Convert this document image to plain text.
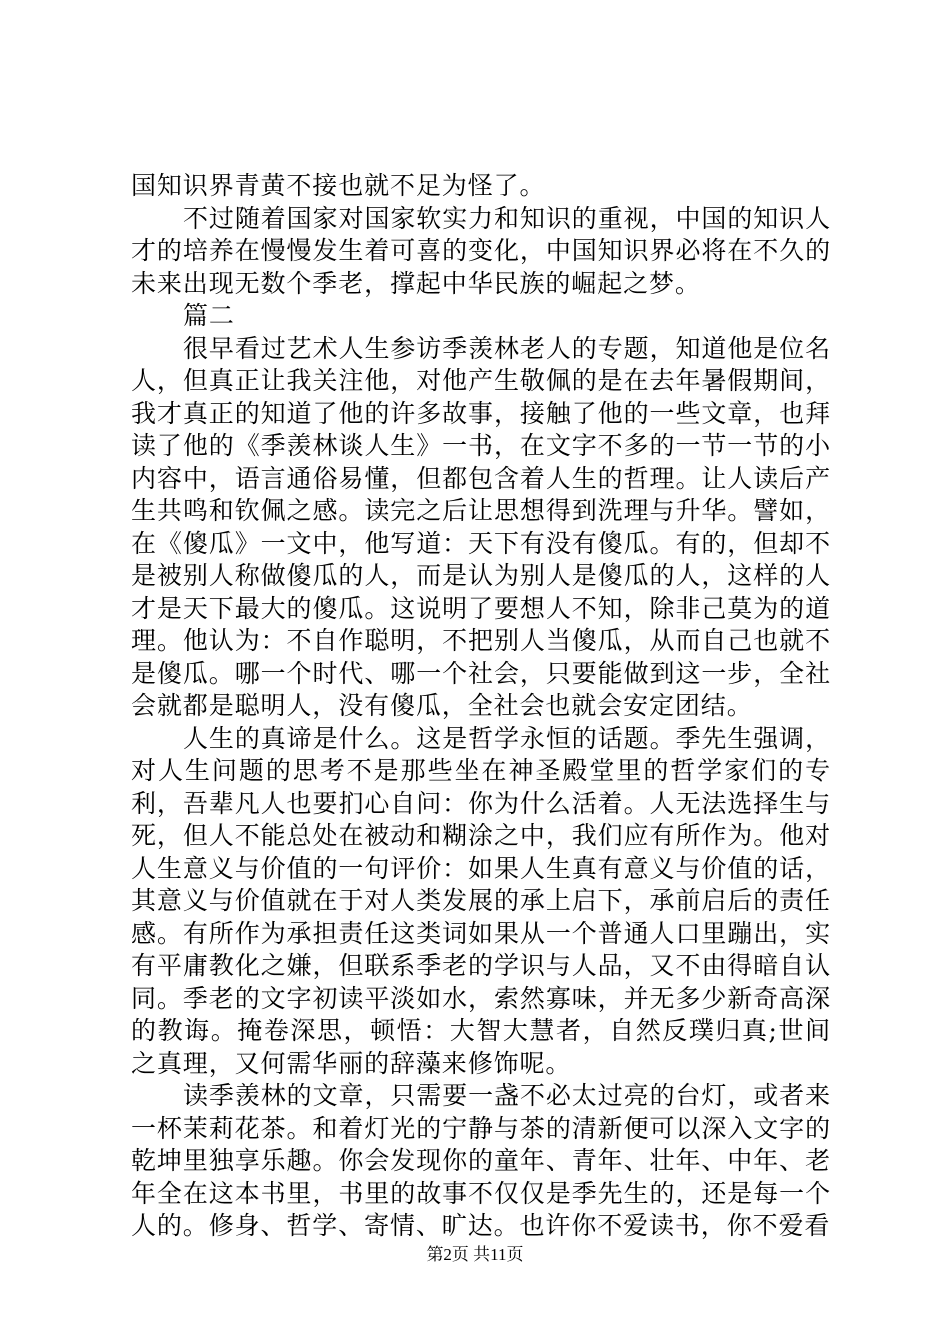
国知识界青黄不接也就不足为怪了。

不过随着国家对国家软实力和知识的重视，中国的知识人才的培养在慢慢发生着可喜的变化，中国知识界必将在不久的未来出现无数个季老，撑起中华民族的崛起之梦。

篇二

很早看过艺术人生参访季羡林老人的专题，知道他是位名人，但真正让我关注他，对他产生敬佩的是在去年暑假期间，我才真正的知道了他的许多故事，接触了他的一些文章，也拜读了他的《季羡林谈人生》一书，在文字不多的一节一节的小内容中，语言通俗易懂，但都包含着人生的哲理。让人读后产生共鸣和钦佩之感。读完之后让思想得到洗理与升华。譬如，在《傻瓜》一文中，他写道：天下有没有傻瓜。有的，但却不是被别人称做傻瓜的人，而是认为别人是傻瓜的人，这样的人才是天下最大的傻瓜。这说明了要想人不知，除非己莫为的道理。他认为：不自作聪明，不把别人当傻瓜，从而自己也就不是傻瓜。哪一个时代、哪一个社会，只要能做到这一步，全社会就都是聪明人，没有傻瓜，全社会也就会安定团结。

人生的真谛是什么。这是哲学永恒的话题。季先生强调，对人生问题的思考不是那些坐在神圣殿堂里的哲学家们的专利，吾辈凡人也要扪心自问：你为什么活着。人无法选择生与死，但人不能总处在被动和糊涂之中，我们应有所作为。他对人生意义与价值的一句评价：如果人生真有意义与价值的话，其意义与价值就在于对人类发展的承上启下，承前启后的责任感。有所作为承担责任这类词如果从一个普通人口里蹦出，实有平庸教化之嫌，但联系季老的学识与人品，又不由得暗自认同。季老的文字初读平淡如水，索然寡味，并无多少新奇高深的教诲。掩卷深思，顿悟：大智大慧者，自然反璞归真;世间之真理，又何需华丽的辞藻来修饰呢。

读季羡林的文章，只需要一盏不必太过亮的台灯，或者来一杯茉莉花茶。和着灯光的宁静与茶的清新便可以深入文字的乾坤里独享乐趣。你会发现你的童年、青年、壮年、中年、老年全在这本书里，书里的故事不仅仅是季先生的，还是每一个人的。修身、哲学、寄情、旷达。也许你不爱读书，你不爱看

第2页 共11页
